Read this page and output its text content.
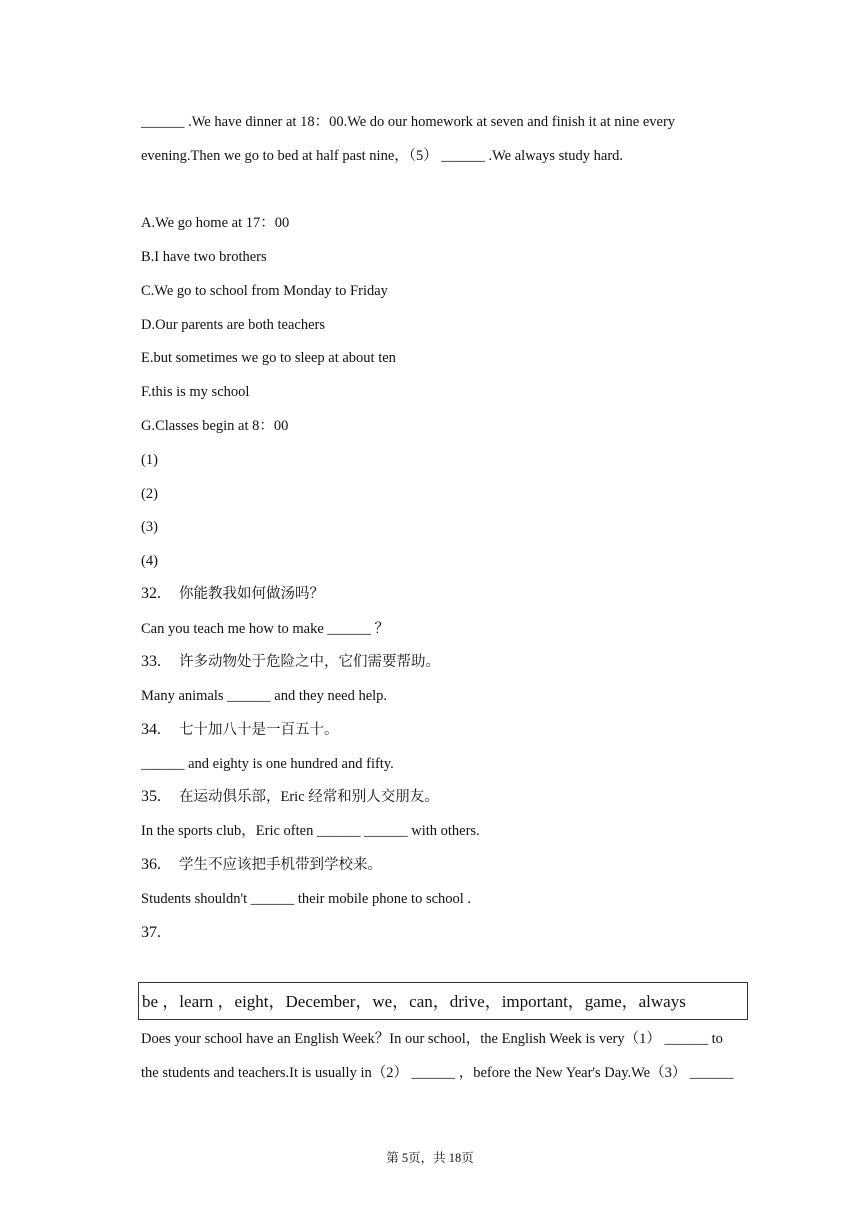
______ .We have dinner at 18：00.We do our homework at seven and finish it at nine every
evening.Then we go to bed at half past nine，（5） ______ .We always study hard.
A.We go home at 17：00
B.I have two brothers
C.We go to school from Monday to Friday
D.Our parents are both teachers
E.but sometimes we go to sleep at about ten
F.this is my school
G.Classes begin at 8：00
(1)
(2)
(3)
(4)
32. 你能教我如何做汤吗？
Can you teach me how to make ______ ？
33. 许多动物处于危险之中，它们需要帮助。
Many animals ______ and they need help.
34. 七十加八十是一百五十。
______ and eighty is one hundred and fifty.
35. 在运动俱乐部，Eric 经常和别人交朋友。
In the sports club，Eric often ______ ______ with others.
36. 学生不应该把手机带到学校来。
Students shouldn't ______ their mobile phone to school .
37.
be ，learn ，eight，December，we，can，drive，important，game，always
Does your school have an English Week？In our school，the English Week is very（1） ______ to
the students and teachers.It is usually in（2） ______ ，before the New Year's Day.We（3） ______
第 5页，共 18页
